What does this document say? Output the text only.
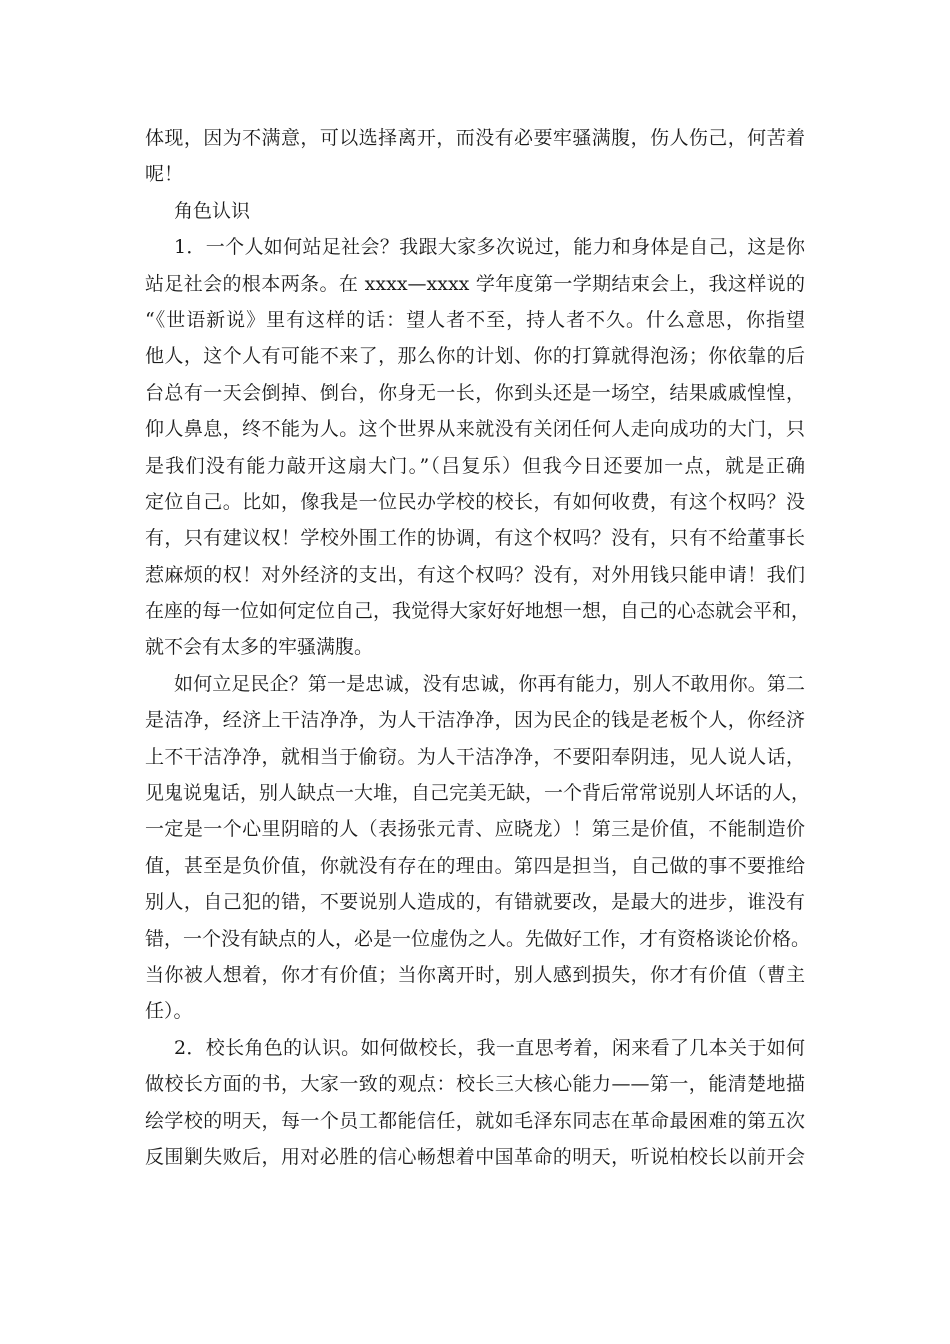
体现，因为不满意，可以选择离开，而没有必要牢骚满腹，伤人伤己，何苦着
呢！
角色认识
1．一个人如何站足社会？我跟大家多次说过，能力和身体是自己，这是你
站足社会的根本两条。在 xxxx—xxxx 学年度第一学期结束会上，我这样说的
“《世语新说》里有这样的话：望人者不至，持人者不久。什么意思，你指望
他人，这个人有可能不来了，那么你的计划、你的打算就得泡汤；你依靠的后
台总有一天会倒掉、倒台，你身无一长，你到头还是一场空，结果戚戚惶惶，
仰人鼻息，终不能为人。这个世界从来就没有关闭任何人走向成功的大门，只
是我们没有能力敲开这扇大门。”（吕复乐）但我今日还要加一点，就是正确
定位自己。比如，像我是一位民办学校的校长，有如何收费，有这个权吗？没
有，只有建议权！学校外围工作的协调，有这个权吗？没有，只有不给董事长
惹麻烦的权！对外经济的支出，有这个权吗？没有，对外用钱只能申请！我们
在座的每一位如何定位自己，我觉得大家好好地想一想，自己的心态就会平和，
就不会有太多的牢骚满腹。
如何立足民企？第一是忠诚，没有忠诚，你再有能力，别人不敢用你。第二
是洁净，经济上干洁净净，为人干洁净净，因为民企的钱是老板个人，你经济
上不干洁净净，就相当于偷窃。为人干洁净净，不要阳奉阴违，见人说人话，
见鬼说鬼话，别人缺点一大堆，自己完美无缺，一个背后常常说别人坏话的人，
一定是一个心里阴暗的人（表扬张元青、应晓龙）！第三是价值，不能制造价
值，甚至是负价值，你就没有存在的理由。第四是担当，自己做的事不要推给
别人，自己犯的错，不要说别人造成的，有错就要改，是最大的进步，谁没有
错，一个没有缺点的人，必是一位虚伪之人。先做好工作，才有资格谈论价格。
当你被人想着，你才有价值；当你离开时，别人感到损失，你才有价值（曹主
任）。
2．校长角色的认识。如何做校长，我一直思考着，闲来看了几本关于如何
做校长方面的书，大家一致的观点：校长三大核心能力——第一，能清楚地描
绘学校的明天，每一个员工都能信任，就如毛泽东同志在革命最困难的第五次
反围剿失败后，用对必胜的信心畅想着中国革命的明天，听说柏校长以前开会
